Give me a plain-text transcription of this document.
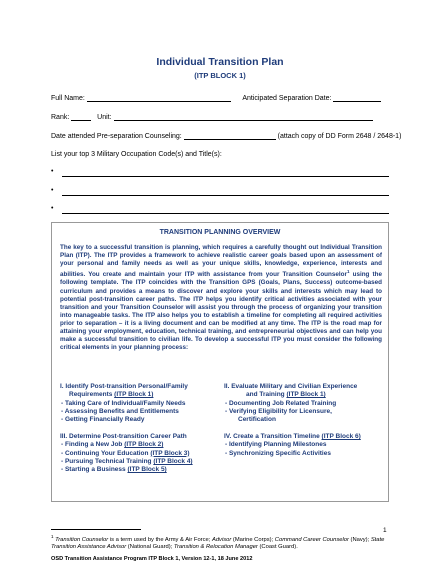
Individual Transition Plan
(ITP BLOCK 1)
Full Name:	Anticipated Separation Date:
Rank:	Unit:
Date attended Pre-separation Counseling:	(attach copy of DD Form 2648 / 2648-1)
List your top 3 Military Occupation Code(s) and Title(s):
•
•
•
TRANSITION PLANNING OVERVIEW
The key to a successful transition is planning, which requires a carefully thought out Individual Transition Plan (ITP). The ITP provides a framework to achieve realistic career goals based upon an assessment of your personal and family needs as well as your unique skills, knowledge, experience, interests and abilities. You create and maintain your ITP with assistance from your Transition Counselor$^1$ using the following template. The ITP coincides with the Transition GPS (Goals, Plans, Success) outcome-based curriculum and provides a means to discover and explore your skills and interests which may lead to potential post-transition career paths. The ITP helps you identify critical activities associated with your transition and your Transition Counselor will assist you through the process of organizing your transition into manageable tasks. The ITP also helps you to establish a timeline for completing all required activities prior to separation – it is a living document and can be modified at any time. The ITP is the road map for attaining your employment, education, technical training, and entrepreneurial objectives and can help you make a successful transition to civilian life. To develop a successful ITP you must consider the following critical elements in your planning process:
I. Identify Post-transition Personal/Family
Requirements (ITP Block 1)
- Taking Care of Individual/Family Needs
- Assessing Benefits and Entitlements
- Getting Financially Ready
II. Evaluate Military and Civilian Experience
and Training (ITP Block 1)
- Documenting Job Related Training
- Verifying Eligibility for Licensure,
Certification
III. Determine Post-transition Career Path
- Finding a New Job (ITP Block 2)
- Continuing Your Education (ITP Block 3)
- Pursuing Technical Training (ITP Block 4)
- Starting a Business (ITP Block 5)
IV. Create a Transition Timeline (ITP Block 6)
- Identifying Planning Milestones
- Synchronizing Specific Activities
$^1$ Transition Counselor is a term used by the Army & Air Force; Advisor (Marine Corps); Command Career Counselor (Navy); State Transition Assistance Advisor (National Guard); Transition & Relocation Manager (Coast Guard).
1
OSD Transition Assistance Program ITP Block 1, Version 12-1, 18 June 2012
